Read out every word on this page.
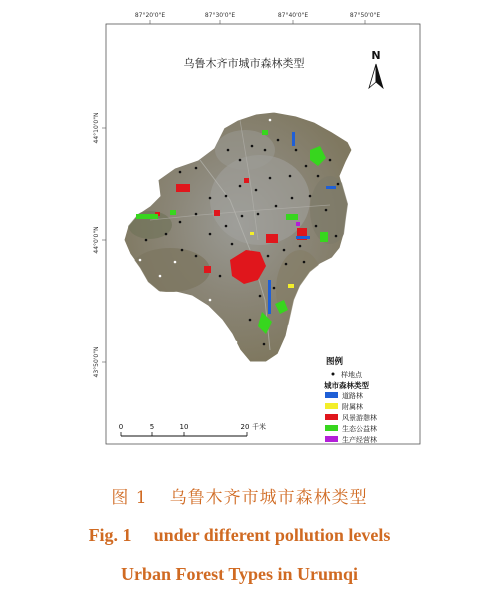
87°20'0"E	87°30'0"E	87°40'0"E	87°50'0"E
44°10'0"N
44°0'0"N
43°50'0"N
乌鲁木齐市城市森林类型
N
0	5	10	20 千米
图例
样地点
城市森林类型
道路林
附属林
风景游憩林
生态公益林
生产经营林
图 1 乌鲁木齐市城市森林类型
Fig. 1 under different pollution levels
Urban Forest Types in Urumqi
